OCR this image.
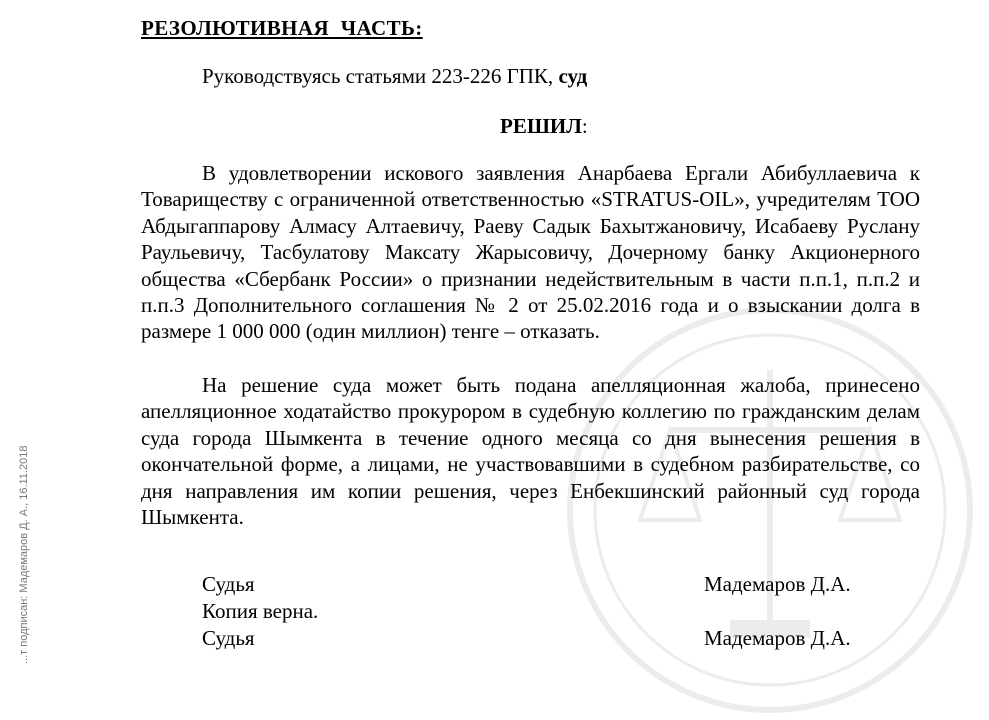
...т подписан: Мадемаров Д. А., 16.11.2018
РЕЗОЛЮТИВНАЯ ЧАСТЬ:
Руководствуясь статьями 223-226 ГПК, суд
РЕШИЛ:

В удовлетворении искового заявления Анарбаева Ергали Абибуллаевича к Товариществу с ограниченной ответственностью «STRATUS-OIL», учредителям ТОО Абдыгаппарову Алмасу Алтаевичу, Раеву Садык Бахытжановичу, Исабаеву Руслану Раульевичу, Тасбулатову Максату Жарысовичу, Дочерному банку Акционерного общества «Сбербанк России» о признании недействительным в части п.п.1, п.п.2 и п.п.3 Дополнительного соглашения № 2 от 25.02.2016 года и о взыскании долга в размере 1 000 000 (один миллион) тенге – отказать.

На решение суда может быть подана апелляционная жалоба, принесено апелляционное ходатайство прокурором в судебную коллегию по гражданским делам суда города Шымкента в течение одного месяца со дня вынесения решения в окончательной форме, а лицами, не участвовавшими в судебном разбирательстве, со дня направления им копии решения, через Енбекшинский районный суд города Шымкента.

Судья	Мадемаров Д.А.
Копия верна.
Судья	Мадемаров Д.А.
